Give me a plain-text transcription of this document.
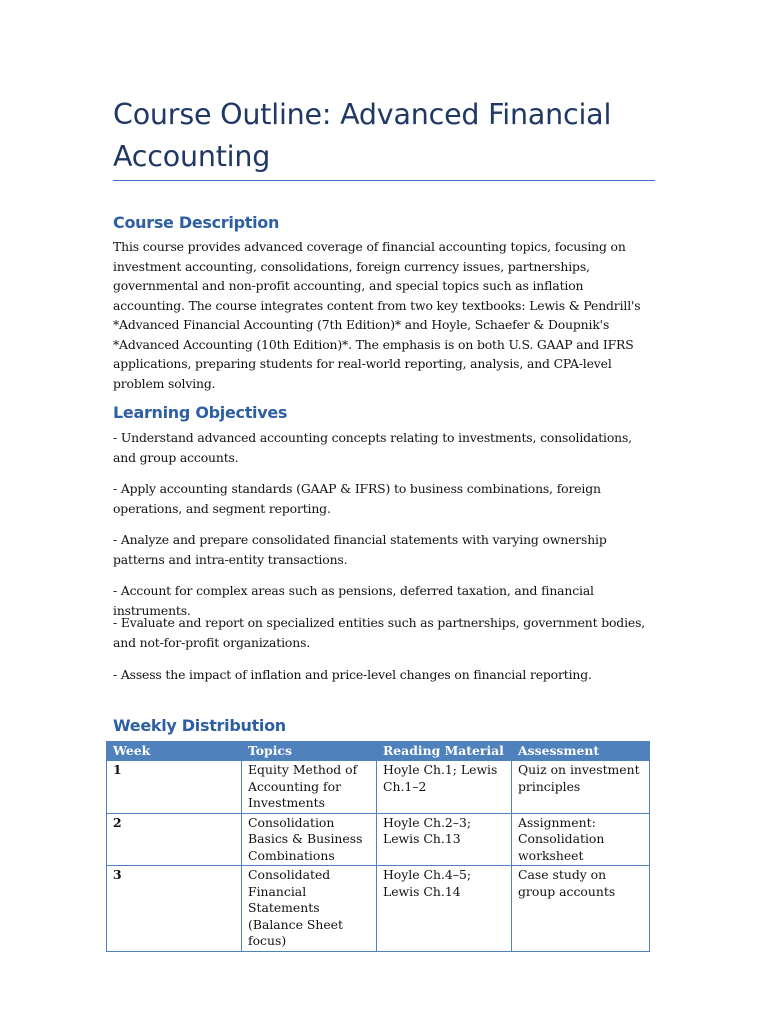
Course Outline: Advanced Financial Accounting
Course Description

This course provides advanced coverage of financial accounting topics, focusing on investment accounting, consolidations, foreign currency issues, partnerships, governmental and non-profit accounting, and special topics such as inflation accounting. The course integrates content from two key textbooks: Lewis & Pendrill's *Advanced Financial Accounting (7th Edition)* and Hoyle, Schaefer & Doupnik's *Advanced Accounting (10th Edition)*. The emphasis is on both U.S. GAAP and IFRS applications, preparing students for real-world reporting, analysis, and CPA-level problem solving.

Learning Objectives

- Understand advanced accounting concepts relating to investments, consolidations, and group accounts.

- Apply accounting standards (GAAP & IFRS) to business combinations, foreign operations, and segment reporting.

- Analyze and prepare consolidated financial statements with varying ownership patterns and intra-entity transactions.

- Account for complex areas such as pensions, deferred taxation, and financial instruments.

- Evaluate and report on specialized entities such as partnerships, government bodies, and not-for-profit organizations.

- Assess the impact of inflation and price-level changes on financial reporting.

Weekly Distribution
Week	Topics	Reading Material	Assessment
1	Equity Method of Accounting for Investments	Hoyle Ch.1; Lewis Ch.1–2	Quiz on investment principles
2	Consolidation Basics & Business Combinations	Hoyle Ch.2–3; Lewis Ch.13	Assignment: Consolidation worksheet
3	Consolidated Financial Statements (Balance Sheet focus)	Hoyle Ch.4–5; Lewis Ch.14	Case study on group accounts
